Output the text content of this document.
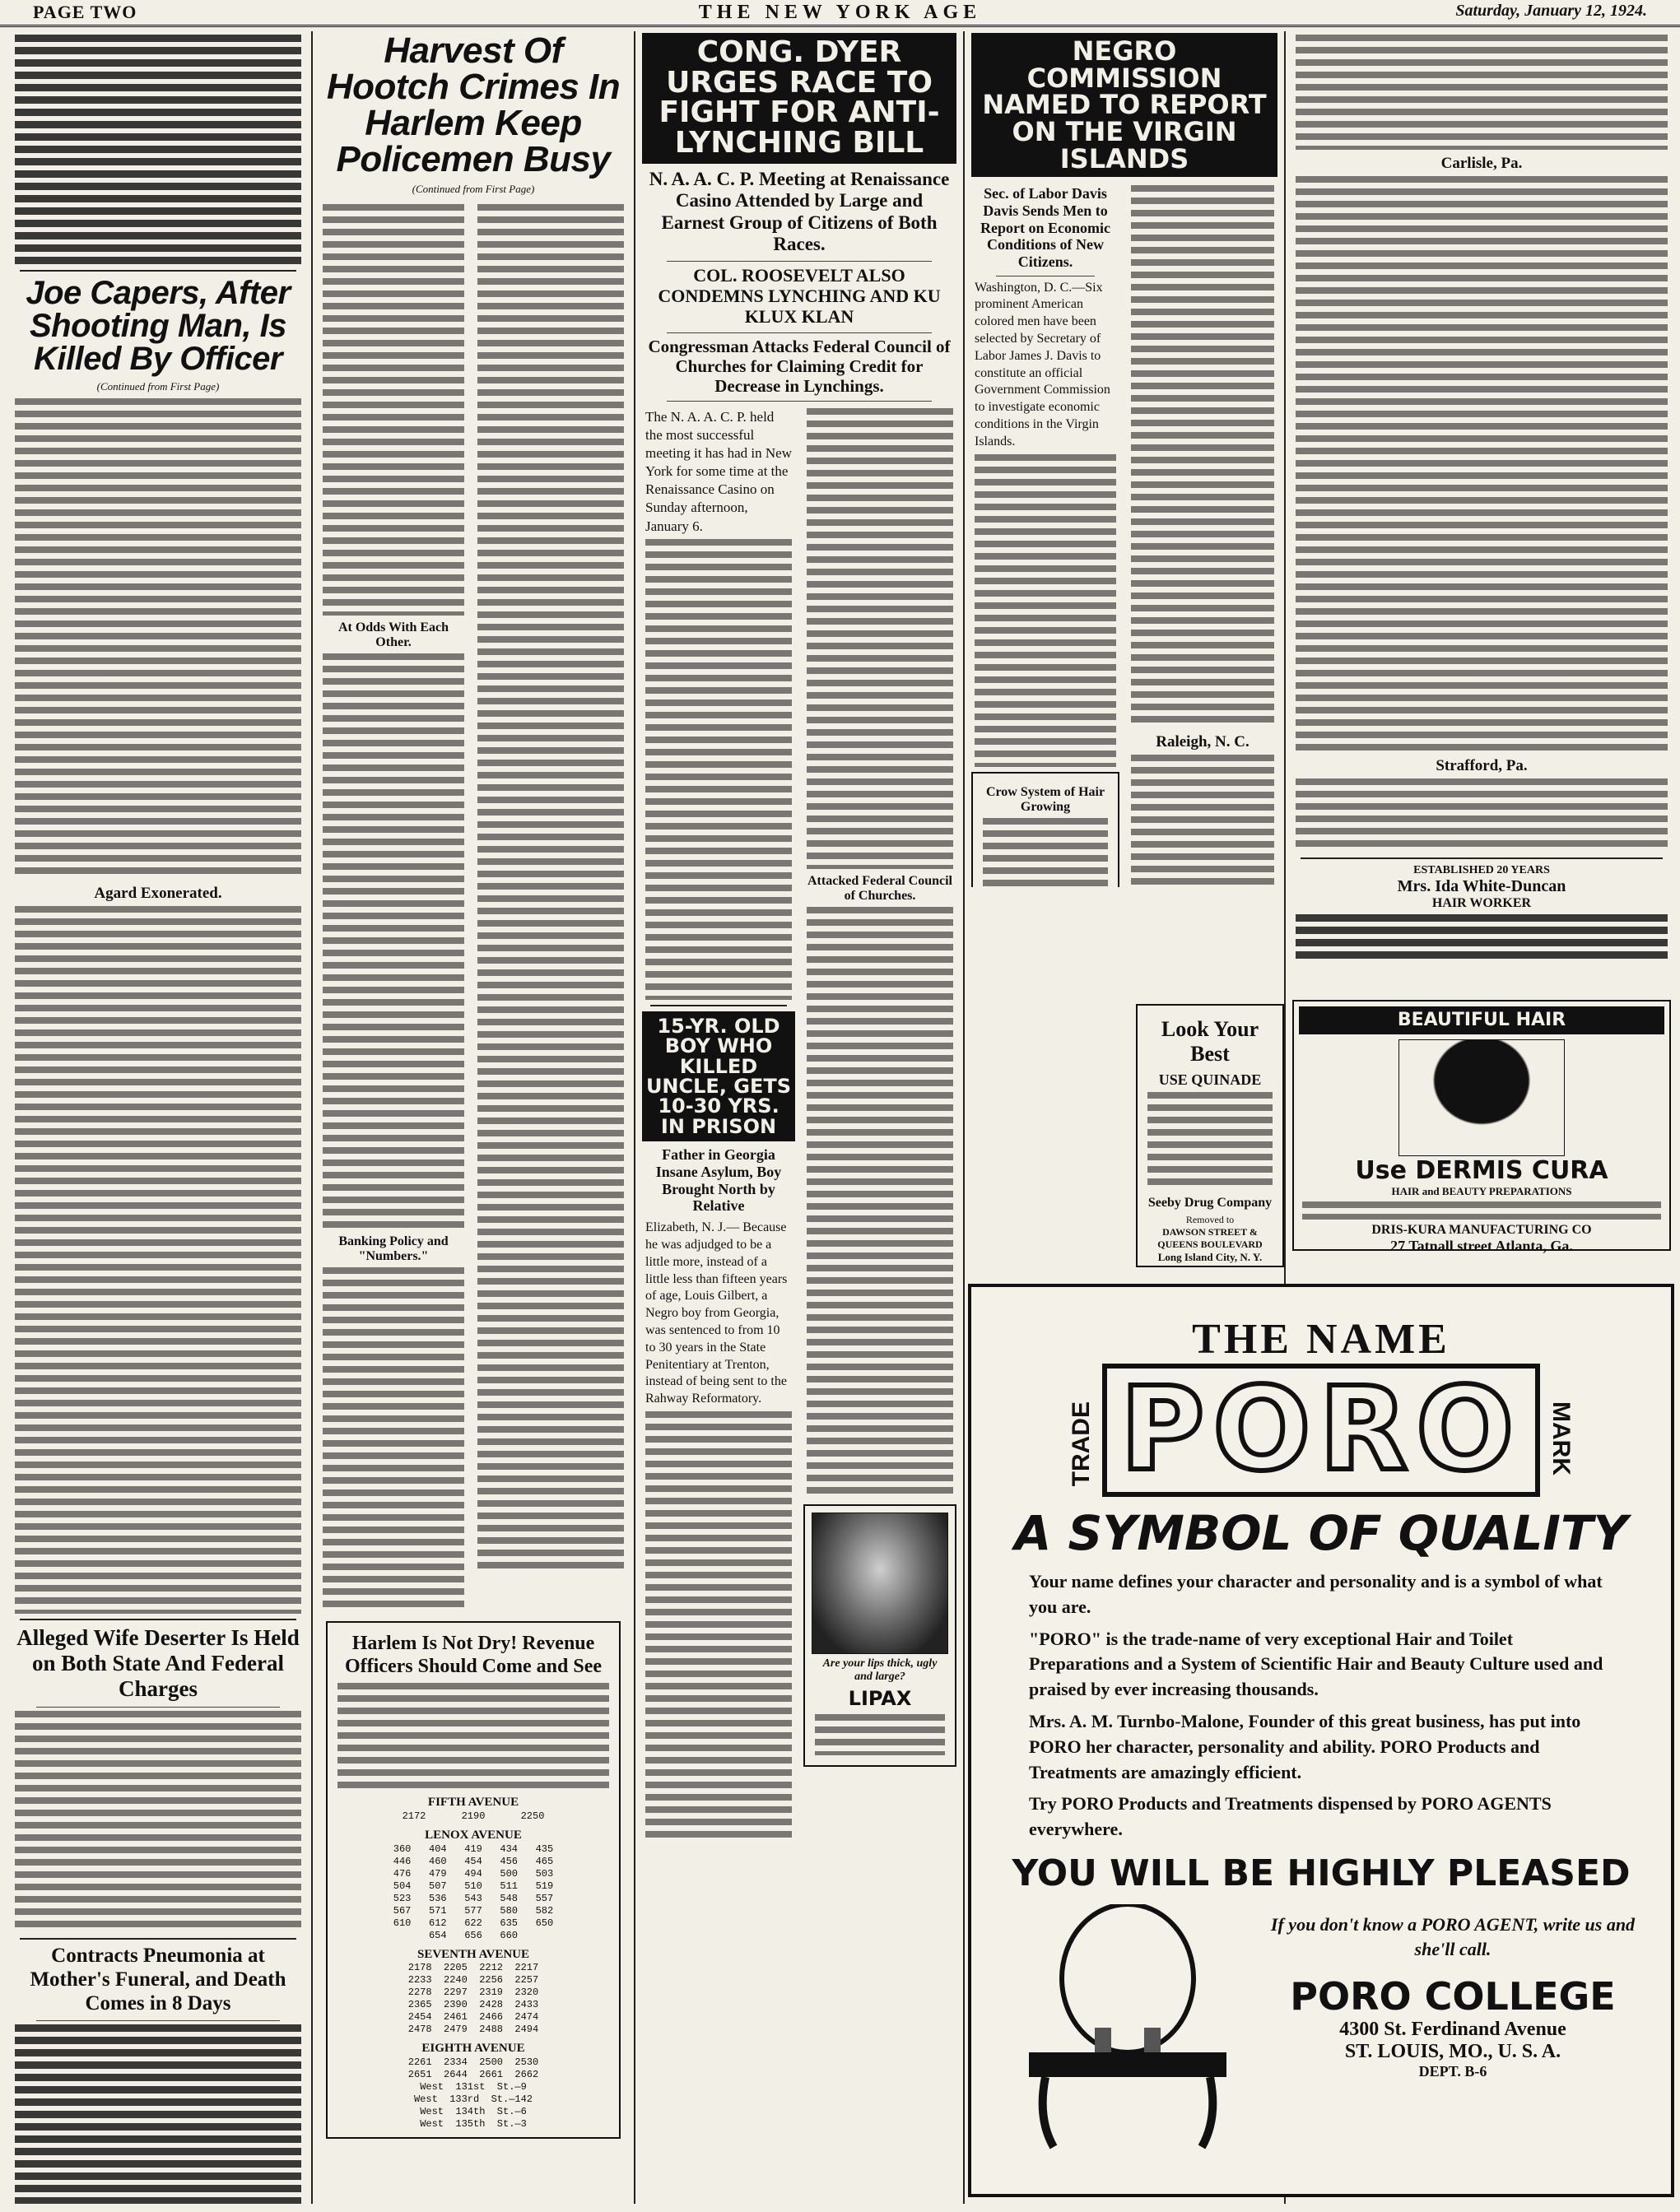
PAGE TWO	THE NEW YORK AGE	Saturday, January 12, 1924.
Joe Capers, After Shooting Man, Is Killed By Officer
(Continued from First Page)
Agard Exonerated.
Alleged Wife Deserter Is Held on Both State And Federal Charges
Contracts Pneumonia at Mother's Funeral, and Death Comes in 8 Days
Harvest Of Hootch Crimes In Harlem Keep Policemen Busy
(Continued from First Page)
At Odds With Each Other.
Banking Policy and "Numbers."
Harlem Is Not Dry! Revenue Officers Should Come and See
FIFTH AVENUE
2172      2190      2250
LENOX AVENUE
360   404   419   434   435
446   460   454   456   465
476   479   494   500   503
504   507   510   511   519
523   536   543   548   557
567   571   577   580   582
610   612   622   635   650
654   656   660
SEVENTH AVENUE
2178  2205  2212  2217
2233  2240  2256  2257
2278  2297  2319  2320
2365  2390  2428  2433
2454  2461  2466  2474
2478  2479  2488  2494
EIGHTH AVENUE
2261  2334  2500  2530
2651  2644  2661  2662
West  131st  St.—9
West  133rd  St.—142
West  134th  St.—6
West  135th  St.—3
CONG. DYER URGES RACE TO FIGHT FOR ANTI-LYNCHING BILL
N. A. A. C. P. Meeting at Renaissance Casino Attended by Large and Earnest Group of Citizens of Both Races.
COL. ROOSEVELT ALSO CONDEMNS LYNCHING AND KU KLUX KLAN
Congressman Attacks Federal Council of Churches for Claiming Credit for Decrease in Lynchings.
The N. A. A. C. P. held the most successful meeting it has had in New York for some time at the Renaissance Casino on Sunday afternoon, January 6.
15-YR. OLD BOY WHO KILLED UNCLE, GETS 10-30 YRS. IN PRISON
Father in Georgia Insane Asylum, Boy Brought North by Relative
Elizabeth, N. J.— Because he was adjudged to be a little more, instead of a little less than fifteen years of age, Louis Gilbert, a Negro boy from Georgia, was sentenced to from 10 to 30 years in the State Penitentiary at Trenton, instead of being sent to the Rahway Reformatory.
Attacked Federal Council of Churches.
Are your lips thick, ugly and large?
LIPAX
NEGRO COMMISSION NAMED TO REPORT ON THE VIRGIN ISLANDS
Sec. of Labor Davis Davis Sends Men to Report on Economic Conditions of New Citizens.
Washington, D. C.—Six prominent American colored men have been selected by Secretary of Labor James J. Davis to constitute an official Government Commission to investigate economic conditions in the Virgin Islands.
Crow System of Hair Growing
Raleigh, N. C.
Look Your Best
USE QUINADE
Seeby Drug Company
Removed to
DAWSON STREET & QUEENS BOULEVARD
Long Island City, N. Y.
Carlisle, Pa.
Strafford, Pa.
ESTABLISHED 20 YEARS
Mrs. Ida White-Duncan
HAIR WORKER
BEAUTIFUL HAIR
Use DERMIS CURA
HAIR and BEAUTY PREPARATIONS
DRIS-KURA MANUFACTURING CO
27 Tatnall street Atlanta, Ga.
THE NAME
TRADE PORO MARK
A SYMBOL OF QUALITY
Your name defines your character and personality and is a symbol of what you are.
"PORO" is the trade-name of very exceptional Hair and Toilet Preparations and a System of Scientific Hair and Beauty Culture used and praised by ever increasing thousands.
Mrs. A. M. Turnbo-Malone, Founder of this great business, has put into PORO her character, personality and ability. PORO Products and Treatments are amazingly efficient.
Try PORO Products and Treatments dispensed by PORO AGENTS everywhere.
YOU WILL BE HIGHLY PLEASED
If you don't know a PORO AGENT, write us and she'll call.
PORO COLLEGE
4300 St. Ferdinand Avenue
ST. LOUIS, MO., U. S. A.
DEPT. B-6
